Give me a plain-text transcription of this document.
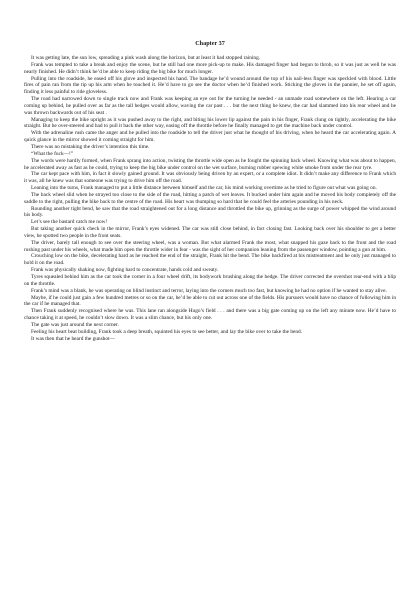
Chapter 37

It was getting late, the sun low, spreading a pink wash along the horizon, but at least it had stopped raining.

Frank was tempted to take a break and enjoy the scene, but he still had one more pick-up to make. His damaged finger had begun to throb, so it was just as well he was nearly finished. He didn’t think he’d be able to keep riding the big bike for much longer.

Pulling into the roadside, he eased off his glove and inspected his hand. The bandage he’d wound around the top of his nail-less finger was speckled with blood. Little fires of pain ran from the tip up his arm when he touched it. He’d have to go see the doctor when he’d finished work. Sticking the gloves in the pannier, he set off again, finding it less painful to ride gloveless.

The road had narrowed down to single track now and Frank was keeping an eye out for the turning he needed - an unmade road somewhere on the left. Hearing a car coming up behind, he pulled over as far as the tall hedges would allow, waving the car past . . . but the next thing he knew, the car had slammed into his rear wheel and he was thrown backwards out of his seat .

Managing to keep the bike upright as it was pushed away to the right, and biting his lower lip against the pain in his finger, Frank clung on tightly, accelerating the bike straight. But he over-steered and had to pull it back the other way, easing off the throttle before he finally managed to get the machine back under control.

With the adrenaline rush came the anger and he pulled into the roadside to tell the driver just what he thought of his driving, when he heard the car accelerating again. A quick glance in the mirror showed it coming straight for him.

There was no mistaking the driver’s intention this time.

“What the fuck—!”

The words were hardly formed, when Frank sprang into action, twisting the throttle wide open as he fought the spinning back wheel. Knowing what was about to happen, he accelerated away as fast as he could, trying to keep the big bike under control on the wet surface, burning rubber spewing white smoke from under the rear tyre.

The car kept pace with him, in fact it slowly gained ground. It was obviously being driven by an expert, or a complete idiot. It didn’t make any difference to Frank which it was, all he knew was that someone was trying to drive him off the road.

Leaning into the turns, Frank managed to put a little distance between himself and the car, his mind working overtime as he tried to figure out what was going on.

The back wheel slid when he strayed too close to the side of the road, hitting a patch of wet leaves. It bucked under him again and he moved his body completely off the saddle to the right, pulling the bike back to the centre of the road. His heart was thumping so hard that he could feel the arteries pounding in his neck.

Rounding another tight bend, he saw that the road straightened out for a long distance and throttled the bike up, grinning as the surge of power whipped the wind around his body.

Let’s see the bastard catch me now!

But taking another quick check in the mirror, Frank’s eyes widened. The car was still close behind, in fact closing fast. Looking back over his shoulder to get a better view, he spotted two people in the front seats.

The driver, barely tall enough to see over the steering wheel, was a woman. But what alarmed Frank the most, what snapped his gaze back to the front and the road rushing past under his wheels, what made him open the throttle wider in fear - was the sight of her companion leaning from the passenger window, pointing a gun at him.

Crouching low on the bike, decelerating hard as he reached the end of the straight, Frank hit the bend. The bike backfired at his mistreatment and he only just managed to hold it on the road.

Frank was physically shaking now, fighting hard to concentrate, hands cold and sweaty.

Tyres squealed behind him as the car took the corner in a four wheel drift, its bodywork brushing along the hedge. The driver corrected the overshot rear-end with a blip on the throttle.

Frank’s mind was a blank, he was operating on blind instinct and terror, laying into the corners much too fast, but knowing he had no option if he wanted to stay alive.

Maybe, if he could just gain a few hundred metres or so on the car, he’d be able to cut out across one of the fields. His pursuers would have no chance of following him in the car if he managed that.

Then Frank suddenly recognised where he was. This lane ran alongside Hugo’s field . . . and there was a big gate coming up on the left any minute now. He’d have to chance taking it at speed, he couldn’t slow down. It was a slim chance, but his only one.

The gate was just around the next corner.

Feeling his heart beat building, Frank took a deep breath, squinted his eyes to see better, and lay the bike over to take the bend.

It was then that he heard the gunshot—
